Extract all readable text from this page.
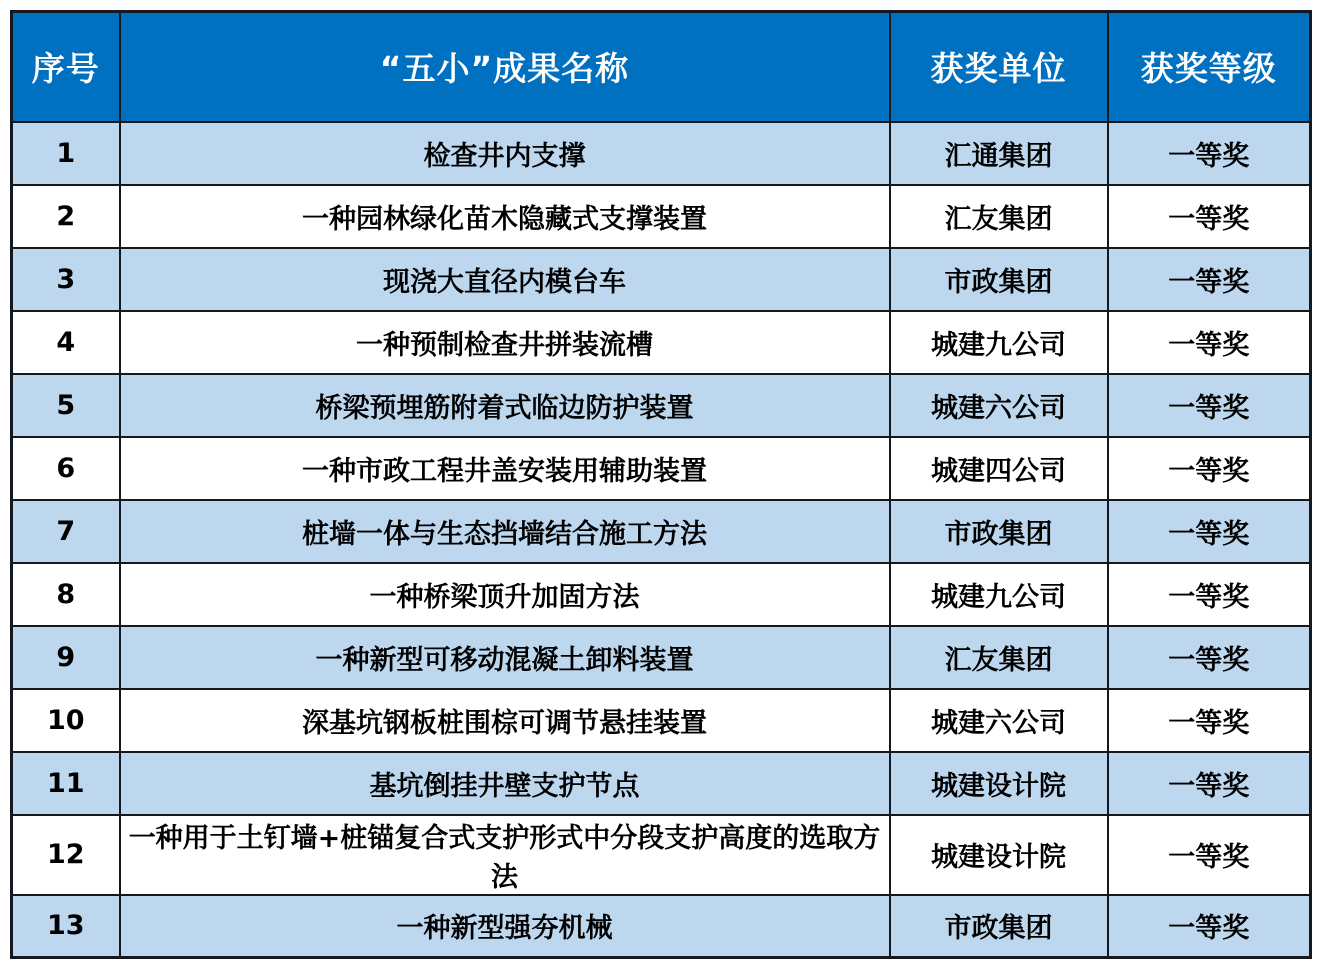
序号	“五小”成果名称	获奖单位	获奖等级
1	检查井内支撑	汇通集团	一等奖
2	一种园林绿化苗木隐藏式支撑装置	汇友集团	一等奖
3	现浇大直径内模台车	市政集团	一等奖
4	一种预制检查井拼装流槽	城建九公司	一等奖
5	桥梁预埋筋附着式临边防护装置	城建六公司	一等奖
6	一种市政工程井盖安装用辅助装置	城建四公司	一等奖
7	桩墙一体与生态挡墙结合施工方法	市政集团	一等奖
8	一种桥梁顶升加固方法	城建九公司	一等奖
9	一种新型可移动混凝土卸料装置	汇友集团	一等奖
10	深基坑钢板桩围棕可调节悬挂装置	城建六公司	一等奖
11	基坑倒挂井壁支护节点	城建设计院	一等奖
12	一种用于土钉墙+桩锚复合式支护形式中分段支护高度的选取方法	城建设计院	一等奖
13	一种新型强夯机械	市政集团	一等奖
